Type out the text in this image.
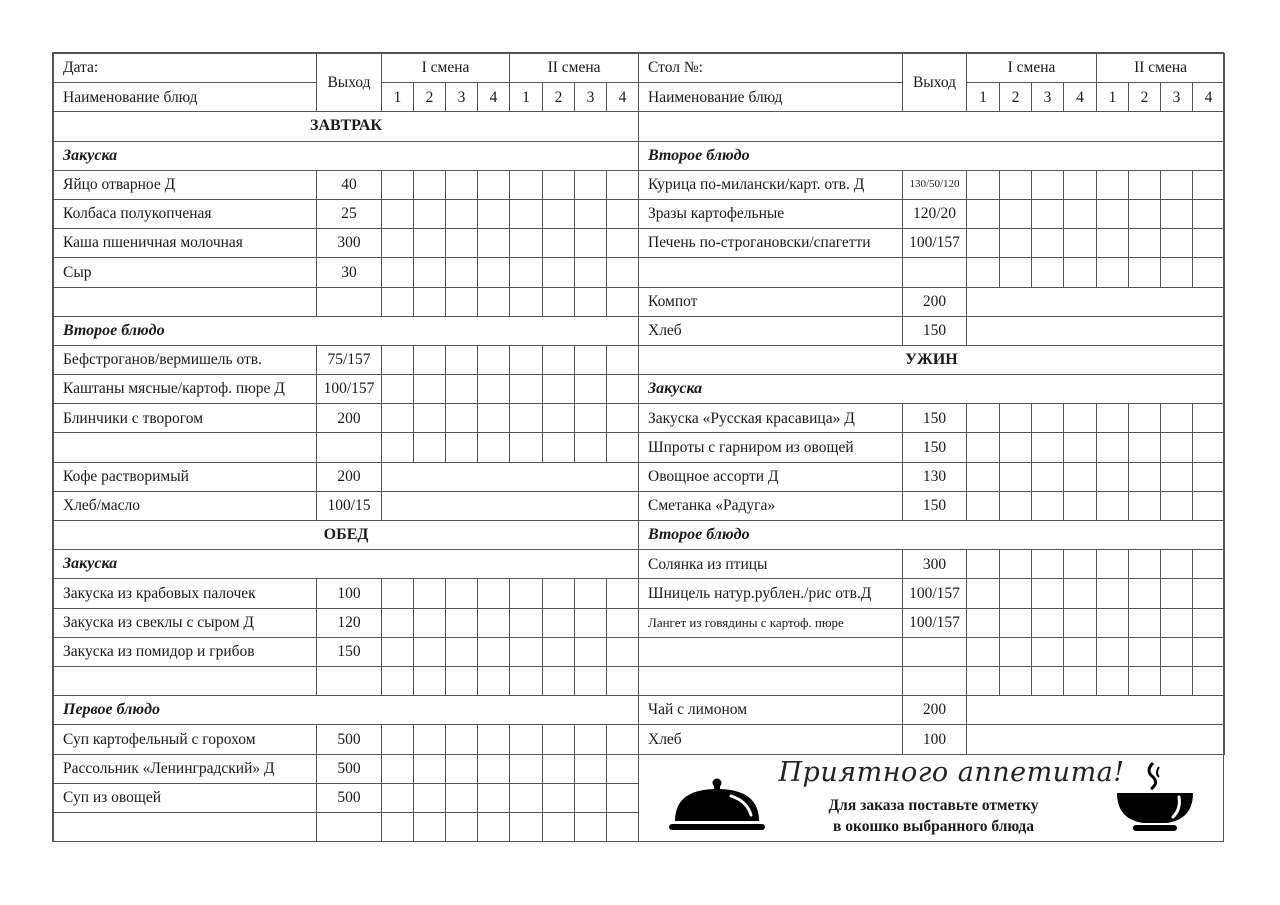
Дата:	Выход	I смена				II смена			
Наименование блюд		1	2	3	4	1	2	3	4
ЗАВТРАК									
Закуска									
Яйцо отварное Д	40								
Колбаса полукопченая	25								
Каша пшеничная молочная	300								
Сыр	30								

Второе блюдо									
Бефстроганов/вермишель отв.	75/157								
Каштаны мясные/картоф. пюре Д	100/157								
Блинчики с творогом	200								

Кофе растворимый	200								
Хлеб/масло	100/15								
ОБЕД									
Закуска									
Закуска из крабовых палочек	100								
Закуска из свеклы с сыром Д	120								
Закуска из помидор и грибов	150								

Первое блюдо									
Суп картофельный с горохом	500								
Рассольник «Ленинградский» Д	500								
Суп из овощей	500								

Стол №:	Выход	I смена				II смена			
Наименование блюд		1	2	3	4	1	2	3	4

Второе блюдо									
Курица по-милански/карт. отв. Д	130/50/120								
Зразы картофельные	120/20								
Печень по-строгановски/спагетти	100/157								

Компот	200								
Хлеб	150								
УЖИН									
Закуска									
Закуска «Русская красавица» Д	150								
Шпроты с гарниром из овощей	150								
Овощное ассорти Д	130								
Сметанка «Радуга»	150								
Второе блюдо									
Солянка из птицы	300								
Шницель натур.рублен./рис отв.Д	100/157								
Лангет из говядины с картоф. пюре	100/157								

Чай с лимоном	200								
Хлеб	100								

Приятного аппетита!
Для заказа поставьте отметку
в окошко выбранного блюда									
